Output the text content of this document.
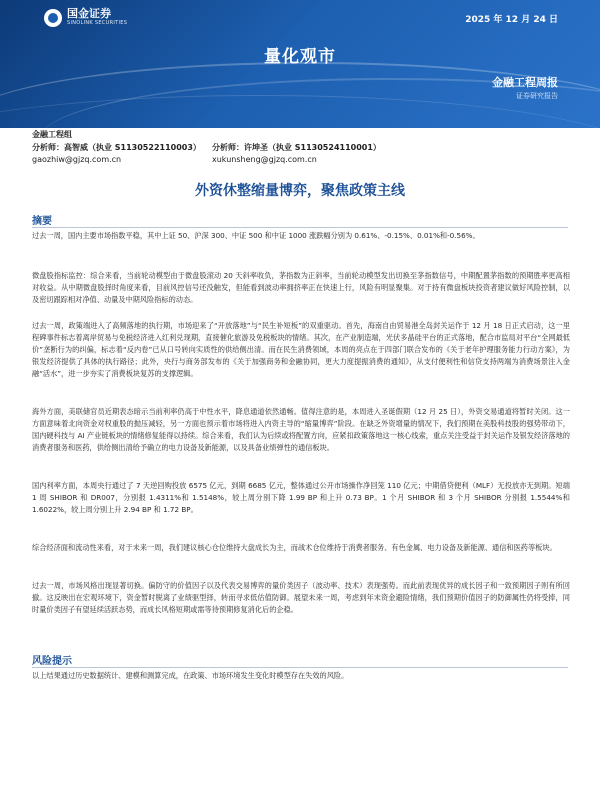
国金证券
SINOLINK SECURITIES	2025 年 12 月 24 日
量化观市
金融工程周报
证券研究报告
金融工程组
分析师：高智威（执业 S1130522110003）	分析师：许坤圣（执业 S1130524110001）
gaozhiw@gjzq.com.cn	xukunsheng@gjzq.com.cn
外资休整缩量博弈，聚焦政策主线
摘要

过去一周，国内主要市场指数平稳，其中上证 50、沪深 300、中证 500 和中证 1000 涨跌幅分别为 0.61%、-0.15%、0.01%和-0.56%。

微盘股指标监控：综合来看，当前轮动模型由于微盘股滚动 20 天斜率收负，茅指数为正斜率，当前轮动模型发出切换至茅指数信号，中期配置茅指数的预期胜率更高相对收益。从中期微盘股择时角度来看，目前风控信号还没触发，但能看到波动率拥挤率正在快速上行，风险有明显聚集。对于持有微盘板块投资者建议做好风险控制，以及密切跟踪相对净值、动量及中期风险指标的动态。

过去一周，政策端进入了高频落地的执行期，市场迎来了“开放落地”与“民生补短板”的双重驱动。首先，海南自由贸易港全岛封关运作于 12 月 18 日正式启动，这一里程碑事件标志着离岸贸易与免税经济进入红利兑现期，直接催化旅游及免税板块的情绪。其次，在产业制造端，光伏多晶硅平台的正式落地，配合市监局对平台“全网最低价”垄断行为的纠偏，标志着“反内卷”已从口号转向实质性的供给侧出清。而在民生消费领域，本周的亮点在于四部门联合发布的《关于老年护理服务能力行动方案》，为银发经济提供了具体的执行路径；此外，央行与商务部发布的《关于加强商务和金融协同，更大力度提振消费的通知》，从支付便利性和信贷支持两端为消费场景注入金融“活水”，进一步夯实了消费板块复苏的支撑逻辑。

海外方面，美联储官员近期表态暗示当前利率仍高于中性水平，降息通道依然通畅。值得注意的是，本周进入圣诞假期（12 月 25 日），外资交易通道将暂时关闭。这一方面意味着北向资金对权重股的抛压减轻，另一方面也预示着市场将进入内资主导的“缩量博弈”阶段。在缺乏外资增量的情况下，我们预期在美股科技股的强势带动下，国内硬科技与 AI 产业链板块的情绪修复能得以持续。综合来看，我们认为后续或将配置方向，应紧扣政策落地这一核心线索，重点关注受益于封关运作及银发经济落地的消费者服务和医药，供给侧出清给予确立的电力设备及新能源，以及具备业绩弹性的通信板块。

国内利率方面，本周央行通过了 7 天逆回购投放 6575 亿元，到期 6685 亿元，整体通过公开市场操作净回笼 110 亿元；中期借贷便利（MLF）无投放亦无到期。短端 1 周 SHIBOR 和 DR007，分别报 1.4311%和 1.5148%，较上周分别下降 1.99 BP 和上升 0.73 BP。1 个月 SHIBOR 和 3 个月 SHIBOR 分别报 1.5544%和 1.6022%，较上周分别上升 2.94 BP 和 1.72 BP。

综合经济面和流动性来看，对于未来一周，我们建议核心仓位维持大盘成长为主，而战术仓位维持于消费者服务、有色金属、电力设备及新能源、通信和医药等板块。

过去一周，市场风格出现显著切换。偏防守的价值因子以及代表交易博弈的量价类因子（波动率、技术）表现强势。而此前表现优异的成长因子和一致预期因子则有所回撤。这反映出在宏观环境下，资金暂时脱离了业绩驱型择，转而寻求低估值防御。展望未来一周，考虑到年末资金避险情绪，我们预期价值因子的防御属性仍将受捧，同时量价类因子有望延续活跃态势，而成长风格短期或需等待预期修复消化后的企稳。

风险提示

以上结果通过历史数据统计、建模和测算完成，在政策、市场环境发生变化时模型存在失效的风险。
